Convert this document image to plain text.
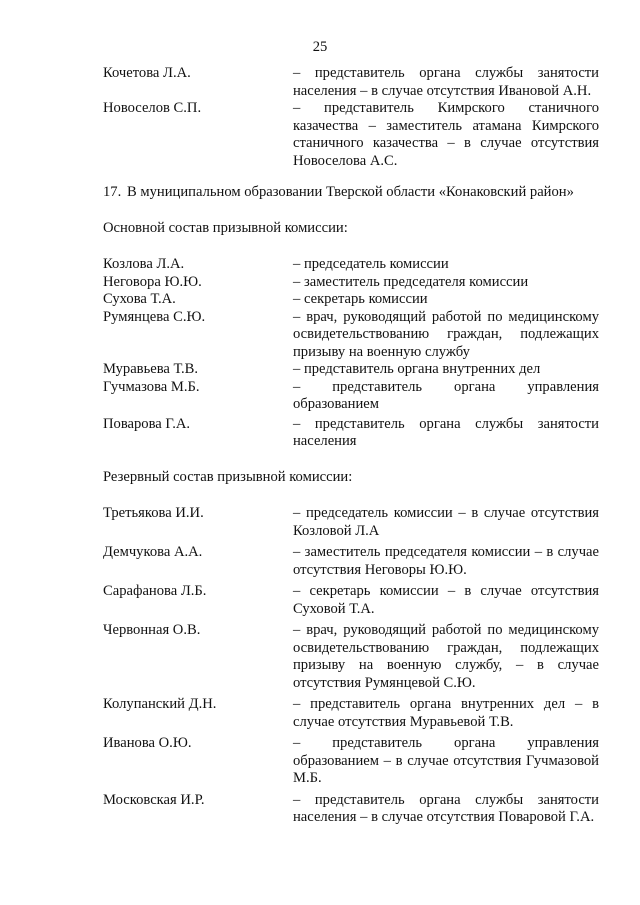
25
Кочетова Л.А.	– представитель органа службы занятости населения – в случае отсутствия Ивановой А.Н.
Новоселов С.П.	– представитель Кимрского станичного казачества – заместитель атамана Кимрского станичного казачества – в случае отсутствия Новоселова А.С.
17. В муниципальном образовании Тверской области «Конаковский район»
Основной состав призывной комиссии:
Козлова Л.А.	– председатель комиссии
Неговора Ю.Ю.	– заместитель председателя комиссии
Сухова Т.А.	– секретарь комиссии
Румянцева С.Ю.	– врач, руководящий работой по медицинскому освидетельствованию граждан, подлежащих призыву на военную службу
Муравьева Т.В.	– представитель органа внутренних дел
Гучмазова М.Б.	– представитель органа управления образованием
Поварова Г.А.	– представитель органа службы занятости населения
Резервный состав призывной комиссии:
Третьякова И.И.	– председатель комиссии – в случае отсутствия Козловой Л.А
Демчукова А.А.	– заместитель председателя комиссии – в случае отсутствия Неговоры Ю.Ю.
Сарафанова Л.Б.	– секретарь комиссии – в случае отсутствия Суховой Т.А.
Червонная О.В.	– врач, руководящий работой по медицинскому освидетельствованию граждан, подлежащих призыву на военную службу, – в случае отсутствия Румянцевой С.Ю.
Колупанский Д.Н.	– представитель органа внутренних дел – в случае отсутствия Муравьевой Т.В.
Иванова О.Ю.	– представитель органа управления образованием – в случае отсутствия Гучмазовой М.Б.
Московская И.Р.	– представитель органа службы занятости населения – в случае отсутствия Поваровой Г.А.
